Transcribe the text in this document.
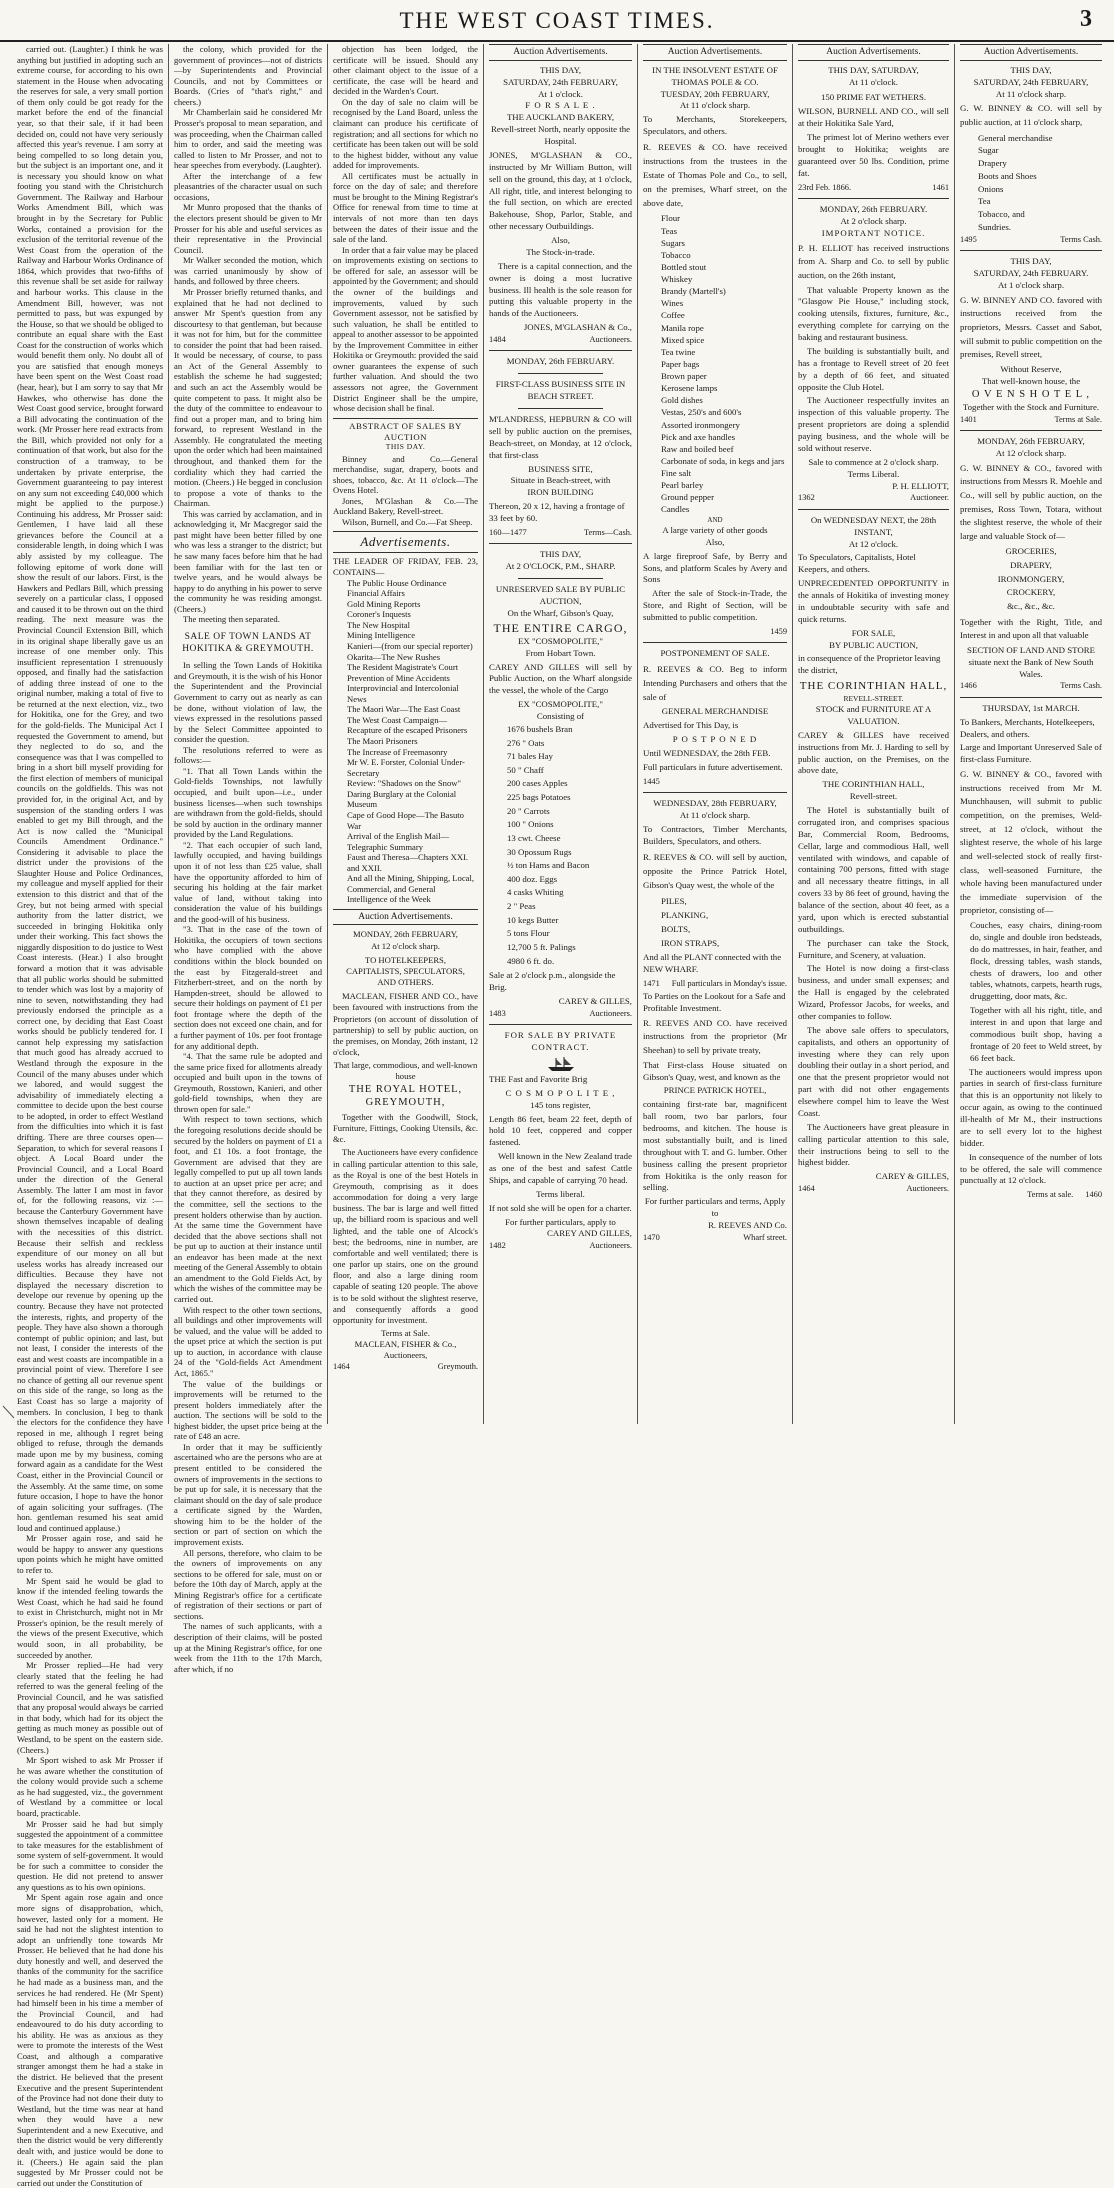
THE WEST COAST TIMES.	3

carried out. (Laughter.) I think he was anything but justified in adopting such an extreme course, for according to his own statement in the House when advocating the reserves for sale, a very small portion of them only could be got ready for the market before the end of the financial year, so that their sale, if it had been decided on, could not have very seriously affected this year's revenue. I am sorry at being compelled to so long detain you, but the subject is an important one, and it is necessary you should know on what footing you stand with the Christchurch Government. The Railway and Harbour Works Amendment Bill, which was brought in by the Secretary for Public Works, contained a provision for the exclusion of the territorial revenue of the West Coast from the operation of the Railway and Harbour Works Ordinance of 1864, which provides that two-fifths of this revenue shall be set aside for railway and harbour works. This clause in the Amendment Bill, however, was not permitted to pass, but was expunged by the House, so that we should be obliged to contribute an equal share with the East Coast for the construction of works which would benefit them only. No doubt all of you are satisfied that enough moneys have been spent on the West Coast road (hear, hear), but I am sorry to say that Mr Hawkes, who otherwise has done the West Coast good service, brought forward a Bill advocating the continuation of the work. (Mr Prosser here read extracts from the Bill, which provided not only for a continuation of that work, but also for the construction of a tramway, to be undertaken by private enterprise, the Government guaranteeing to pay interest on any sum not exceeding £40,000 which might be applied to the purpose.) Continuing his address, Mr Prosser said: Gentlemen, I have laid all these grievances before the Council at a considerable length, in doing which I was ably assisted by my colleague. The following epitome of work done will show the result of our labors. First, is the Hawkers and Pedlars Bill, which pressing severely on a particular class, I opposed and caused it to be thrown out on the third reading. The next measure was the Provincial Council Extension Bill, which in its original shape liberally gave us an increase of one member only. This insufficient representation I strenuously opposed, and finally had the satisfaction of adding three instead of one to the original number, making a total of five to be returned at the next election, viz., two for Hokitika, one for the Grey, and two for the gold-fields. The Municipal Act I requested the Government to amend, but they neglected to do so, and the consequence was that I was compelled to bring in a short bill myself providing for the first election of members of municipal councils on the goldfields. This was not provided for, in the original Act, and by suspension of the standing orders I was enabled to get my Bill through, and the Act is now called the "Municipal Councils Amendment Ordinance." Considering it advisable to place the district under the provisions of the Slaughter House and Police Ordinances, my colleague and myself applied for their extension to this district and that of the Grey, but not being armed with special authority from the latter district, we succeeded in bringing Hokitika only under their working. This fact shows the niggardly disposition to do justice to West Coast interests. (Hear.) I also brought forward a motion that it was advisable that all public works should be submitted to tender which was lost by a majority of nine to seven, notwithstanding they had previously endorsed the principle as a correct one, by deciding that East Coast works should be publicly tendered for. I cannot help expressing my satisfaction that much good has already accrued to Westland through the exposure in the Council of the many abuses under which we labored, and would suggest the advisability of immediately electing a committee to decide upon the best course to be adopted, in order to effect Westland from the difficulties into which it is fast drifting. There are three courses open—Separation, to which for several reasons I object. A Local Board under the Provincial Council, and a Local Board under the direction of the General Assembly. The latter I am most in favor of, for the following reasons, viz :—because the Canterbury Government have shown themselves incapable of dealing with the necessities of this district. Because their selfish and reckless expenditure of our money on all but useless works has already increased our difficulties. Because they have not displayed the necessary discretion to develope our revenue by opening up the country. Because they have not protected the interests, rights, and property of the people. They have also shown a thorough contempt of public opinion; and last, but not least, I consider the interests of the east and west coasts are incompatible in a provincial point of view. Therefore I see no chance of getting all our revenue spent on this side of the range, so long as the East Coast has so large a majority of members. In conclusion, I beg to thank the electors for the confidence they have reposed in me, although I regret being obliged to refuse, through the demands made upon me by my business, coming forward again as a candidate for the West Coast, either in the Provincial Council or the Assembly. At the same time, on some future occasion, I hope to have the honor of again soliciting your suffrages. (The hon. gentleman resumed his seat amid loud and continued applause.)

Mr Prosser again rose, and said he would be happy to answer any questions upon points which he might have omitted to refer to.

Mr Spent said he would be glad to know if the intended feeling towards the West Coast, which he had said he found to exist in Christchurch, might not in Mr Prosser's opinion, be the result merely of the views of the present Executive, which would soon, in all probability, be succeeded by another.

Mr Prosser replied—He had very clearly stated that the feeling he had referred to was the general feeling of the Provincial Council, and he was satisfied that any proposal would always be carried in that body, which had for its object the getting as much money as possible out of Westland, to be spent on the eastern side. (Cheers.)

Mr Sport wished to ask Mr Prosser if he was aware whether the constitution of the colony would provide such a scheme as he had suggested, viz., the government of Westland by a committee or local board, practicable.

Mr Prosser said he had but simply suggested the appointment of a committee to take measures for the establishment of some system of self-government. It would be for such a committee to consider the question. He did not pretend to answer any questions as to his own opinions.

Mr Spent again rose again and once more signs of disapprobation, which, however, lasted only for a moment. He said he had not the slightest intention to adopt an unfriendly tone towards Mr Prosser. He believed that he had done his duty honestly and well, and deserved the thanks of the community for the sacrifice he had made as a business man, and the services he had rendered. He (Mr Spent) had himself been in his time a member of the Provincial Council, and had endeavoured to do his duty according to his ability. He was as anxious as they were to promote the interests of the West Coast, and although a comparative stranger amongst them he had a stake in the district. He believed that the present Executive and the present Superintendent of the Province had not done their duty to Westland, but the time was near at hand when they would have a new Superintendent and a new Executive, and then the district would be very differently dealt with, and justice would be done to it. (Cheers.) He again said the plan suggested by Mr Prosser could not be carried out under the Constitution of

the colony, which provided for the government of provinces—not of districts—by Superintendents and Provincial Councils, and not by Committees or Boards. (Cries of "that's right," and cheers.)

Mr Chamberlain said he considered Mr Prosser's proposal to mean separation, and was proceeding, when the Chairman called him to order, and said the meeting was called to listen to Mr Prosser, and not to hear speeches from everybody. (Laughter).

After the interchange of a few pleasantries of the character usual on such occasions,

Mr Munro proposed that the thanks of the electors present should be given to Mr Prosser for his able and useful services as their representative in the Provincial Council.

Mr Walker seconded the motion, which was carried unanimously by show of hands, and followed by three cheers.

Mr Prosser briefly returned thanks, and explained that he had not declined to answer Mr Spent's question from any discourtesy to that gentleman, but because it was not for him, but for the committee to consider the point that had been raised. It would be necessary, of course, to pass an Act of the General Assembly to establish the scheme he had suggested; and such an act the Assembly would be quite competent to pass. It might also be the duty of the committee to endeavour to find out a proper man, and to bring him forward, to represent Westland in the Assembly. He congratulated the meeting upon the order which had been maintained throughout, and thanked them for the cordiality which they had carried the motion. (Cheers.) He begged in conclusion to propose a vote of thanks to the Chairman.

This was carried by acclamation, and in acknowledging it, Mr Macgregor said the past might have been better filled by one who was less a stranger to the district; but he saw many faces before him that he had been familiar with for the last ten or twelve years, and he would always be happy to do anything in his power to serve the community he was residing amongst. (Cheers.)

The meeting then separated.

SALE OF TOWN LANDS AT HOKITIKA & GREYMOUTH.

In selling the Town Lands of Hokitika and Greymouth, it is the wish of his Honor the Superintendent and the Provincial Government to carry out as nearly as can be done, without violation of law, the views expressed in the resolutions passed by the Select Committee appointed to consider the question.

The resolutions referred to were as follows:—

"1. That all Town Lands within the Gold-fields Townships, not lawfully occupied, and built upon—i.e., under business licenses—when such townships are withdrawn from the gold-fields, should be sold by auction in the ordinary manner provided by the Land Regulations.

"2. That each occupier of such land, lawfully occupied, and having buildings upon it of not less than £25 value, shall have the opportunity afforded to him of securing his holding at the fair market value of land, without taking into consideration the value of his buildings and the good-will of his business.

"3. That in the case of the town of Hokitika, the occupiers of town sections who have complied with the above conditions within the block bounded on the east by Fitzgerald-street and Fitzherbert-street, and on the north by Hampden-street, should be allowed to secure their holdings on payment of £1 per foot frontage where the depth of the section does not exceed one chain, and for a further payment of 10s. per foot frontage for any additional depth.

"4. That the same rule be adopted and the same price fixed for allotments already occupied and built upon in the towns of Greymouth, Rosstown, Kanieri, and other gold-field townships, when they are thrown open for sale."

With respect to town sections, which the foregoing resolutions decide should be secured by the holders on payment of £1 a foot, and £1 10s. a foot frontage, the Government are advised that they are legally compelled to put up all town lands to auction at an upset price per acre; and that they cannot therefore, as desired by the committee, sell the sections to the present holders otherwise than by auction. At the same time the Government have decided that the above sections shall not be put up to auction at their instance until an endeavor has been made at the next meeting of the General Assembly to obtain an amendment to the Gold Fields Act, by which the wishes of the committee may be carried out.

With respect to the other town sections, all buildings and other improvements will be valued, and the value will be added to the upset price at which the section is put up to auction, in accordance with clause 24 of the "Gold-fields Act Amendment Act, 1865."

The value of the buildings or improvements will be returned to the present holders immediately after the auction. The sections will be sold to the highest bidder, the upset price being at the rate of £48 an acre.

In order that it may be sufficiently ascertained who are the persons who are at present entitled to be considered the owners of improvements in the sections to be put up for sale, it is necessary that the claimant should on the day of sale produce a certificate signed by the Warden, showing him to be the holder of the section or part of section on which the improvement exists.

All persons, therefore, who claim to be the owners of improvements on any sections to be offered for sale, must on or before the 10th day of March, apply at the Mining Registrar's office for a certificate of registration of their sections or part of sections.

The names of such applicants, with a description of their claims, will be posted up at the Mining Registrar's office, for one week from the 11th to the 17th March, after which, if no

objection has been lodged, the certificate will be issued. Should any other claimant object to the issue of a certificate, the case will be heard and decided in the Warden's Court.

On the day of sale no claim will be recognised by the Land Board, unless the claimant can produce his certificate of registration; and all sections for which no certificate has been taken out will be sold to the highest bidder, without any value added for improvements.

All certificates must be actually in force on the day of sale; and therefore must be brought to the Mining Registrar's Office for renewal from time to time at intervals of not more than ten days between the dates of their issue and the sale of the land.

In order that a fair value may be placed on improvements existing on sections to be offered for sale, an assessor will be appointed by the Government; and should the owner of the buildings and improvements, valued by such Government assessor, not be satisfied by such valuation, he shall be entitled to appeal to another assessor to be appointed by the Improvement Committee in either Hokitika or Greymouth: provided the said owner guarantees the expense of such further valuation. And should the two assessors not agree, the Government District Engineer shall be the umpire, whose decision shall be final.

ABSTRACT OF SALES BY AUCTION

THIS DAY.

Binney and Co.—General merchandise, sugar, drapery, boots and shoes, tobacco, &c. At 11 o'clock—The Ovens Hotel.

Jones, M'Glashan & Co.—The Auckland Bakery, Revell-street.

Wilson, Burnell, and Co.—Fat Sheep.

Advertisements.

THE LEADER OF FRIDAY, FEB. 23, CONTAINS—

The Public House Ordinance
Financial Affairs
Gold Mining Reports
Coroner's Inquests
The New Hospital
Mining Intelligence
Kanieri—(from our special reporter)
Okarita—The New Rushes
The Resident Magistrate's Court
Prevention of Mine Accidents
Interprovincial and Intercolonial News
The Maori War—The East Coast
The West Coast Campaign—Recapture of the escaped Prisoners
The Maori Prisoners
The Increase of Freemasonry
Mr W. E. Forster, Colonial Under-Secretary
Review: "Shadows on the Snow"
Daring Burglary at the Colonial Museum
Cape of Good Hope—The Basuto War
Arrival of the English Mail—Telegraphic Summary
Faust and Theresa—Chapters XXI. and XXII.
And all the Mining, Shipping, Local, Commercial, and General Intelligence of the Week
Auction Advertisements.
MONDAY, 26th FEBRUARY,
At 12 o'clock sharp.
TO HOTELKEEPERS, CAPITALISTS, SPECULATORS, AND OTHERS.

MACLEAN, FISHER AND CO., have been favoured with instructions from the Proprietors (on account of dissolution of partnership) to sell by public auction, on the premises, on Monday, 26th instant, 12 o'clock,

That large, commodious, and well-known house
THE ROYAL HOTEL, GREYMOUTH,

Together with the Goodwill, Stock, Furniture, Fittings, Cooking Utensils, &c. &c.

The Auctioneers have every confidence in calling particular attention to this sale, as the Royal is one of the best Hotels in Greymouth, comprising as it does accommodation for doing a very large business. The bar is large and well fitted up, the billiard room is spacious and well lighted, and the table one of Alcock's best; the bedrooms, nine in number, are comfortable and well ventilated; there is one parlor up stairs, one on the ground floor, and also a large dining room capable of seating 120 people. The above is to be sold without the slightest reserve, and consequently affords a good opportunity for investment.

Terms at Sale.
MACLEAN, FISHER & Co., Auctioneers,
1464	Greymouth.
Auction Advertisements.
THIS DAY,
SATURDAY, 24th FEBRUARY,
At 1 o'clock.
F O R S A L E .
THE AUCKLAND BAKERY,
Revell-street North, nearly opposite the Hospital.

JONES, M'GLASHAN & CO., instructed by Mr William Button, will sell on the ground, this day, at 1 o'clock, All right, title, and interest belonging to the full section, on which are erected Bakehouse, Shop, Parlor, Stable, and other necessary Outbuildings.

Also,
The Stock-in-trade.

There is a capital connection, and the owner is doing a most lucrative business. Ill health is the sole reason for putting this valuable property in the hands of the Auctioneers.

JONES, M'GLASHAN & Co.,
1484	Auctioneers.
MONDAY, 26th FEBRUARY.
FIRST-CLASS BUSINESS SITE IN BEACH STREET.

M'LANDRESS, HEPBURN & CO will sell by public auction on the premises, Beach-street, on Monday, at 12 o'clock, that first-class

BUSINESS SITE,
Situate in Beach-street, with
IRON BUILDING

Thereon, 20 x 12, having a frontage of 33 feet by 60.

160—1477	Terms—Cash.
THIS DAY,
At 2 O'CLOCK, P.M., SHARP.
UNRESERVED SALE BY PUBLIC AUCTION,
On the Wharf, Gibson's Quay,
THE ENTIRE CARGO,
EX "COSMOPOLITE,"
From Hobart Town.

CAREY AND GILLES will sell by Public Auction, on the Wharf alongside the vessel, the whole of the Cargo

EX "COSMOPOLITE,"
Consisting of
1676 bushels Bran
276 " Oats
71 bales Hay
50 " Chaff
200 cases Apples
225 bags Potatoes
20 " Carrots
100 " Onions
13 cwt. Cheese
30 Opossum Rugs
½ ton Hams and Bacon
400 doz. Eggs
4 casks Whiting
2 " Peas
10 kegs Butter
5 tons Flour
12,700 5 ft. Palings
4980 6 ft. do.

Sale at 2 o'clock p.m., alongside the Brig.

CAREY & GILLES,
1483	Auctioneers.
FOR SALE BY PRIVATE CONTRACT.

THE Fast and Favorite Brig

C O S M O P O L I T E ,
145 tons register,

Length 86 feet, beam 22 feet, depth of hold 10 feet, coppered and copper fastened.

Well known in the New Zealand trade as one of the best and safest Cattle Ships, and capable of carrying 70 head.

Terms liberal.

If not sold she will be open for a charter.

For further particulars, apply to
CAREY AND GILLES,
1482	Auctioneers.
Auction Advertisements.
IN THE INSOLVENT ESTATE OF
THOMAS POLE & CO.
TUESDAY, 20th FEBRUARY,
At 11 o'clock sharp.

To Merchants, Storekeepers, Speculators, and others.

R. REEVES & CO. have received instructions from the trustees in the Estate of Thomas Pole and Co., to sell, on the premises, Wharf street, on the above date,

Flour
Teas
Sugars
Tobacco
Bottled stout
Whiskey
Brandy (Martell's)
Wines
Coffee
Manila rope
Mixed spice
Tea twine
Paper bags
Brown paper
Kerosene lamps
Gold dishes
Vestas, 250's and 600's
Assorted ironmongery
Pick and axe handles
Raw and boiled beef
Carbonate of soda, in kegs and jars
Fine salt
Pearl barley
Ground pepper
Candles
AND
A large variety of other goods
Also,

A large fireproof Safe, by Berry and Sons, and platform Scales by Avery and Sons

After the sale of Stock-in-Trade, the Store, and Right of Section, will be submitted to public competition.

1459
POSTPONEMENT OF SALE.

R. REEVES & CO. Beg to inform Intending Purchasers and others that the sale of

GENERAL MERCHANDISE

Advertised for This Day, is

P O S T P O N E D

Until WEDNESDAY, the 28th FEB.

Full particulars in future advertisement.

1445
WEDNESDAY, 28th FEBRUARY,
At 11 o'clock sharp.

To Contractors, Timber Merchants, Builders, Speculators, and others.

R. REEVES & CO. will sell by auction, opposite the Prince Patrick Hotel, Gibson's Quay west, the whole of the

PILES,
PLANKING,
BOLTS,
IRON STRAPS,

And all the PLANT connected with the NEW WHARF.

1471 Full particulars in Monday's issue.

To Parties on the Lookout for a Safe and Profitable Investment.

R. REEVES AND CO. have received instructions from the proprietor (Mr Sheehan) to sell by private treaty,

That First-class House situated on Gibson's Quay, west, and known as the

PRINCE PATRICK HOTEL,

containing first-rate bar, magnificent ball room, two bar parlors, four bedrooms, and kitchen. The house is most substantially built, and is lined throughout with T. and G. lumber. Other business calling the present proprietor from Hokitika is the only reason for selling.

For further particulars and terms, Apply to
R. REEVES AND Co.
1470	Wharf street.
Auction Advertisements.
THIS DAY, SATURDAY,
At 11 o'clock.
150 PRIME FAT WETHERS.

WILSON, BURNELL AND CO., will sell at their Hokitika Sale Yard,

The primest lot of Merino wethers ever brought to Hokitika; weights are guaranteed over 50 lbs. Condition, prime fat.

23rd Feb. 1866.	1461
MONDAY, 26th FEBRUARY.
At 2 o'clock sharp.
IMPORTANT NOTICE.

P. H. ELLIOT has received instructions from A. Sharp and Co. to sell by public auction, on the 26th instant,

That valuable Property known as the "Glasgow Pie House," including stock, cooking utensils, fixtures, furniture, &c., everything complete for carrying on the baking and restaurant business.

The building is substantially built, and has a frontage to Revell street of 20 feet by a depth of 66 feet, and situated opposite the Club Hotel.

The Auctioneer respectfully invites an inspection of this valuable property. The present proprietors are doing a splendid paying business, and the whole will be sold without reserve.

Sale to commence at 2 o'clock sharp.
Terms Liberal.
P. H. ELLIOTT,
1362	Auctioneer.
On WEDNESDAY NEXT, the 28th INSTANT,
At 12 o'clock.

To Speculators, Capitalists, Hotel Keepers, and others.

UNPRECEDENTED OPPORTUNITY in the annals of Hokitika of investing money in undoubtable security with safe and quick returns.

FOR SALE,
BY PUBLIC AUCTION,

in consequence of the Proprietor leaving the district,

THE CORINTHIAN HALL,
REVELL-STREET.
STOCK and FURNITURE AT A VALUATION.

CAREY & GILLES have received instructions from Mr. J. Harding to sell by public auction, on the Premises, on the above date,

THE CORINTHIAN HALL,
Revell-street.

The Hotel is substantially built of corrugated iron, and comprises spacious Bar, Commercial Room, Bedrooms, Cellar, large and commodious Hall, well ventilated with windows, and capable of containing 700 persons, fitted with stage and all necessary theatre fittings, in all covers 33 by 86 feet of ground, having the balance of the section, about 40 feet, as a yard, upon which is erected substantial outbuildings.

The purchaser can take the Stock, Furniture, and Scenery, at valuation.

The Hotel is now doing a first-class business, and under small expenses; and the Hall is engaged by the celebrated Wizard, Professor Jacobs, for weeks, and other companies to follow.

The above sale offers to speculators, capitalists, and others an opportunity of investing where they can rely upon doubling their outlay in a short period, and one that the present proprietor would not part with did not other engagements elsewhere compel him to leave the West Coast.

The Auctioneers have great pleasure in calling particular attention to this sale, their instructions being to sell to the highest bidder.

CAREY & GILLES,
1464	Auctioneers.
Auction Advertisements.
THIS DAY,
SATURDAY, 24th FEBRUARY,
At 11 o'clock sharp.

G. W. BINNEY & CO. will sell by public auction, at 11 o'clock sharp,

General merchandise
Sugar
Drapery
Boots and Shoes
Onions
Tea
Tobacco, and
Sundries.
1495	Terms Cash.
THIS DAY,
SATURDAY, 24th FEBRUARY.
At 1 o'clock sharp.

G. W. BINNEY AND CO. favored with instructions received from the proprietors, Messrs. Casset and Sabot, will submit to public competition on the premises, Revell street,

Without Reserve,
That well-known house, the
O V E N S H O T E L ,
Together with the Stock and Furniture.
1401	Terms at Sale.
MONDAY, 26th FEBRUARY,
At 12 o'clock sharp.

G. W. BINNEY & CO., favored with instructions from Messrs R. Moehle and Co., will sell by public auction, on the premises, Ross Town, Totara, without the slightest reserve, the whole of their large and valuable Stock of—

GROCERIES,
DRAPERY,
IRONMONGERY,
CROCKERY,
&c., &c., &c.

Together with the Right, Title, and Interest in and upon all that valuable

SECTION OF LAND AND STORE
situate next the Bank of New South Wales.
1466	Terms Cash.
THURSDAY, 1st MARCH.

To Bankers, Merchants, Hotelkeepers, Dealers, and others.

Large and Important Unreserved Sale of first-class Furniture.

G. W. BINNEY & CO., favored with instructions received from Mr M. Munchhausen, will submit to public competition, on the premises, Weld-street, at 12 o'clock, without the slightest reserve, the whole of his large and well-selected stock of really first-class, well-seasoned Furniture, the whole having been manufactured under the immediate supervision of the proprietor, consisting of—

Couches, easy chairs, dining-room do, single and double iron bedsteads, do do mattresses, in hair, feather, and flock, dressing tables, wash stands, chests of drawers, loo and other tables, whatnots, carpets, hearth rugs, druggetting, door mats, &c.

Together with all his right, title, and interest in and upon that large and commodious built shop, having a frontage of 20 feet to Weld street, by 66 feet back.

The auctioneers would impress upon parties in search of first-class furniture that this is an opportunity not likely to occur again, as owing to the continued ill-health of Mr M., their instructions are to sell every lot to the highest bidder.

In consequence of the number of lots to be offered, the sale will commence punctually at 12 o'clock.

Terms at sale. 1460
